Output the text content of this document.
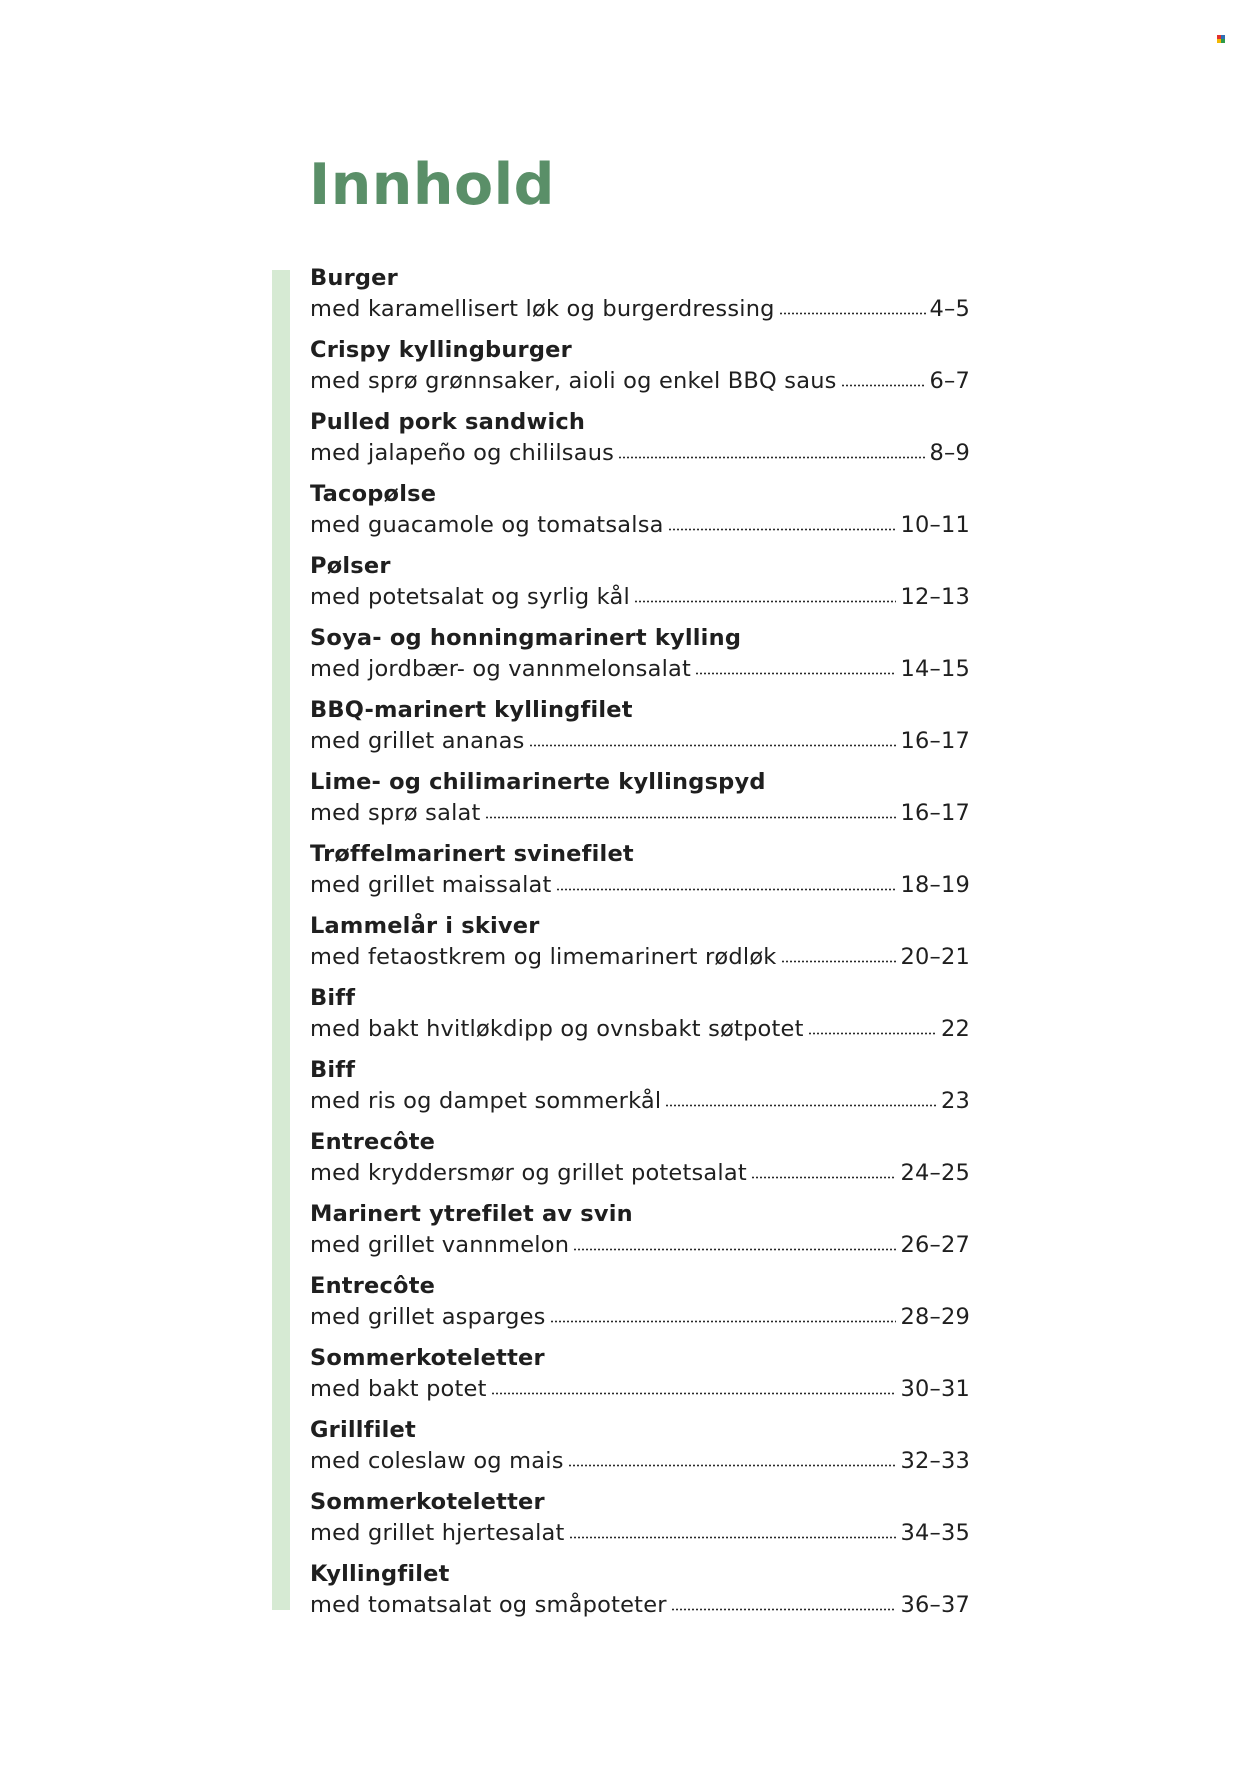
Innhold
Burger
med karamellisert løk og burgerdressing	4–5
Crispy kyllingburger
med sprø grønnsaker, aioli og enkel BBQ saus	6–7
Pulled pork sandwich
med jalapeño og chililsaus	8–9
Tacopølse
med guacamole og tomatsalsa	10–11
Pølser
med potetsalat og syrlig kål	12–13
Soya- og honningmarinert kylling
med jordbær- og vannmelonsalat	14–15
BBQ-marinert kyllingfilet
med grillet ananas	16–17
Lime- og chilimarinerte kyllingspyd
med sprø salat	16–17
Trøffelmarinert svinefilet
med grillet maissalat	18–19
Lammelår i skiver
med fetaostkrem og limemarinert rødløk	20–21
Biff
med bakt hvitløkdipp og ovnsbakt søtpotet	22
Biff
med ris og dampet sommerkål	23
Entrecôte
med kryddersmør og grillet potetsalat	24–25
Marinert ytrefilet av svin
med grillet vannmelon	26–27
Entrecôte
med grillet asparges	28–29
Sommerkoteletter
med bakt potet	30–31
Grillfilet
med coleslaw og mais	32–33
Sommerkoteletter
med grillet hjertesalat	34–35
Kyllingfilet
med tomatsalat og småpoteter	36–37
